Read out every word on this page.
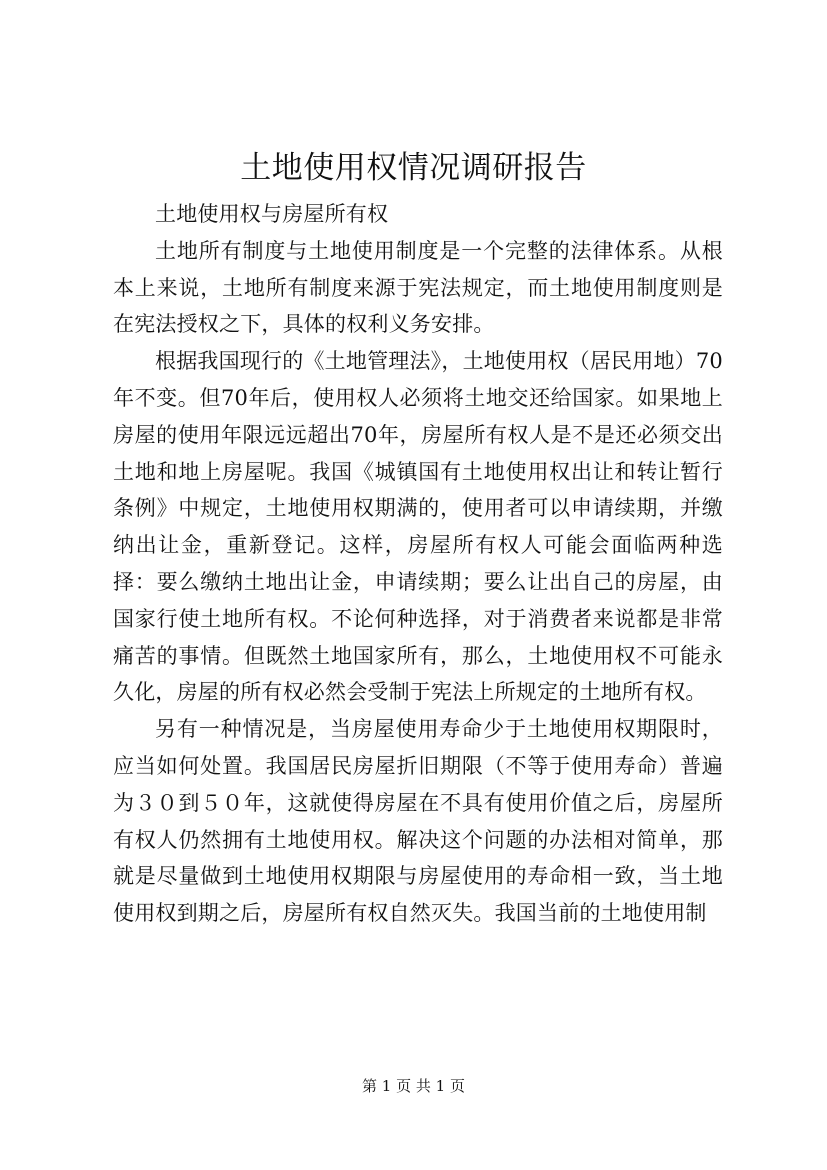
土地使用权情况调研报告

土地使用权与房屋所有权

土地所有制度与土地使用制度是一个完整的法律体系。从根本上来说，土地所有制度来源于宪法规定，而土地使用制度则是在宪法授权之下，具体的权利义务安排。

根据我国现行的《土地管理法》，土地使用权（居民用地）70年不变。但70年后，使用权人必须将土地交还给国家。如果地上房屋的使用年限远远超出70年，房屋所有权人是不是还必须交出土地和地上房屋呢。我国《城镇国有土地使用权出让和转让暂行条例》中规定，土地使用权期满的，使用者可以申请续期，并缴纳出让金，重新登记。这样，房屋所有权人可能会面临两种选择：要么缴纳土地出让金，申请续期；要么让出自己的房屋，由国家行使土地所有权。不论何种选择，对于消费者来说都是非常痛苦的事情。但既然土地国家所有，那么，土地使用权不可能永久化，房屋的所有权必然会受制于宪法上所规定的土地所有权。

另有一种情况是，当房屋使用寿命少于土地使用权期限时，应当如何处置。我国居民房屋折旧期限（不等于使用寿命）普遍为３０到５０年，这就使得房屋在不具有使用价值之后，房屋所有权人仍然拥有土地使用权。解决这个问题的办法相对简单，那就是尽量做到土地使用权期限与房屋使用的寿命相一致，当土地使用权到期之后，房屋所有权自然灭失。我国当前的土地使用制

第 1 页 共 1 页
